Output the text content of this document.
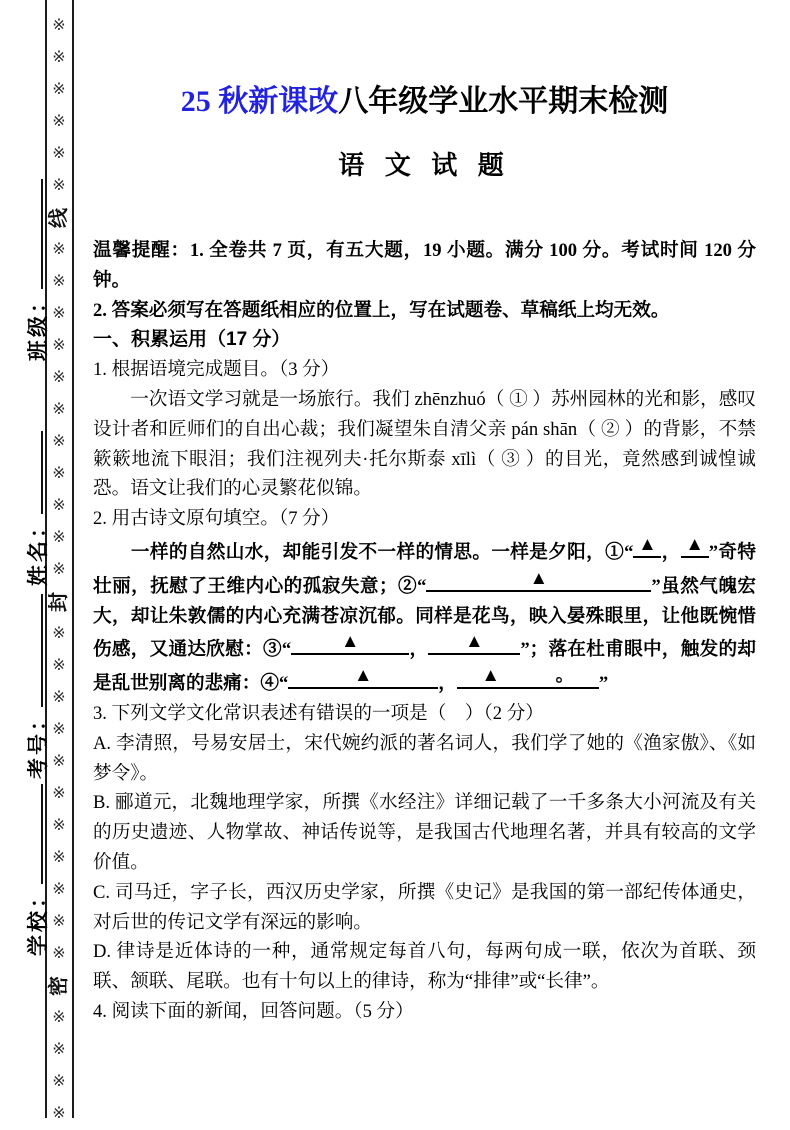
※
※
※
※
※
※
线
※
※
※
※
※
※
※
※
※
※
※
封
※
※
※
※
※
※
※
※
※
※
※
密
※
※
※
※
学校：考号：姓名：班级：
25 秋新课改八年级学业水平期末检测
语 文 试 题

温馨提醒：1. 全卷共 7 页，有五大题，19 小题。满分 100 分。考试时间 120 分钟。

2. 答案必须写在答题纸相应的位置上，写在试题卷、草稿纸上均无效。

一、积累运用（17 分）

1. 根据语境完成题目。（3 分）

　　一次语文学习就是一场旅行。我们 zhēnzhuó（ ① ）苏州园林的光和影，感叹设计者和匠师们的自出心裁；我们凝望朱自清父亲 pán shān（ ② ）的背影，不禁簌簌地流下眼泪；我们注视列夫·托尔斯泰 xīlì（ ③ ）的目光，竟然感到诚惶诚恐。语文让我们的心灵繁花似锦。

2. 用古诗文原句填空。（7 分）

　　一样的自然山水，却能引发不一样的情思。一样是夕阳，①“ ▲ ， ▲ ”奇特壮丽，抚慰了王维内心的孤寂失意；②“	▲	”虽然气魄宏大，却让朱敦儒的内心充满苍凉沉郁。同样是花鸟，映入晏殊眼里，让他既惋惜伤感，又通达欣慰：③“	▲	， ▲ ”；落在杜甫眼中，触发的却是乱世别离的悲痛：④“	▲	， ▲　　　。 ”

3. 下列文学文化常识表述有错误的一项是（　）（2 分）

A. 李清照，号易安居士，宋代婉约派的著名词人，我们学了她的《渔家傲》、《如梦令》。

B. 郦道元，北魏地理学家，所撰《水经注》详细记载了一千多条大小河流及有关的历史遗迹、人物掌故、神话传说等，是我国古代地理名著，并具有较高的文学价值。

C. 司马迁，字子长，西汉历史学家，所撰《史记》是我国的第一部纪传体通史，对后世的传记文学有深远的影响。

D. 律诗是近体诗的一种，通常规定每首八句，每两句成一联，依次为首联、颈联、颔联、尾联。也有十句以上的律诗，称为“排律”或“长律”。

4. 阅读下面的新闻，回答问题。（5 分）
